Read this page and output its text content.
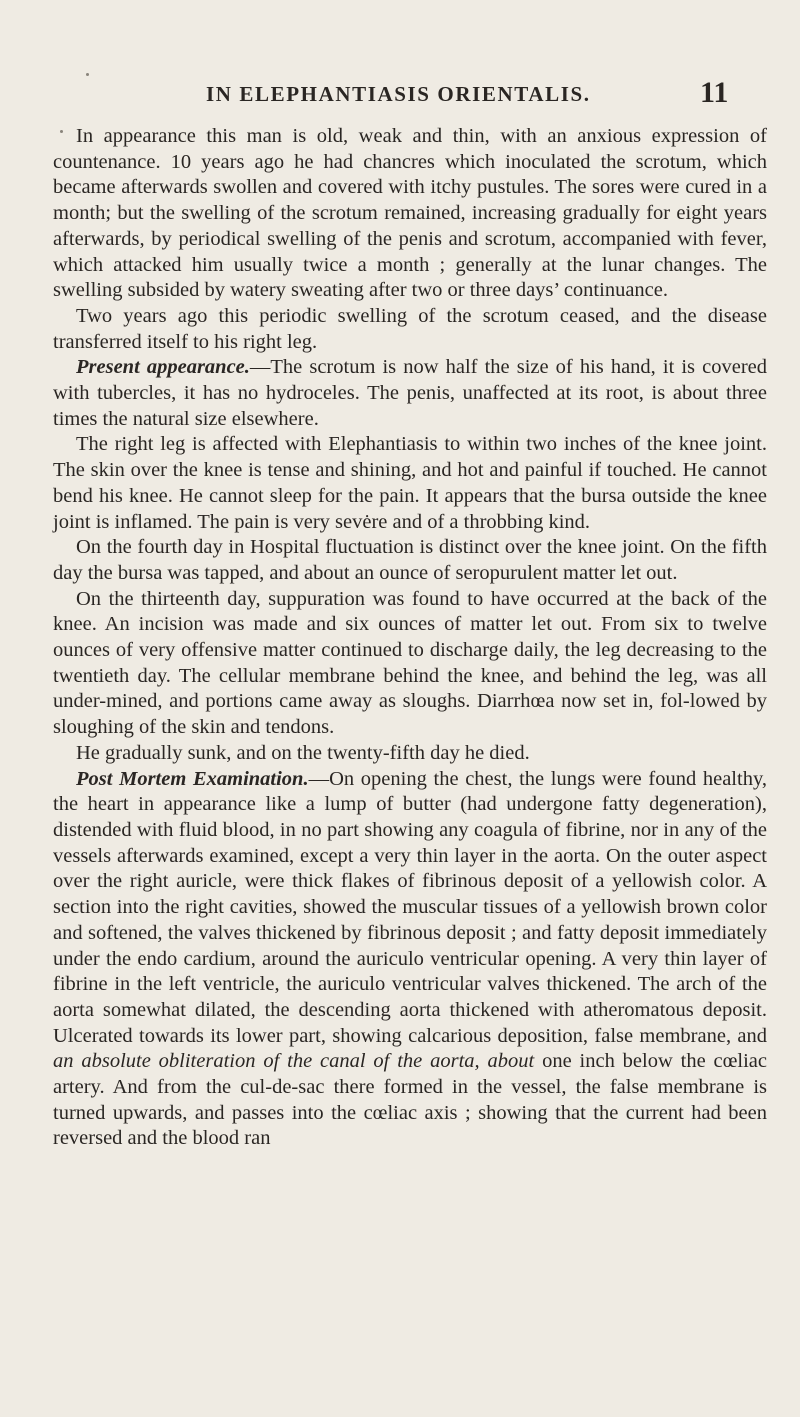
IN ELEPHANTIASIS ORIENTALIS.	11

In appearance this man is old, weak and thin, with an anxious expression of countenance. 10 years ago he had chancres which inoculated the scrotum, which became afterwards swollen and covered with itchy pustules. The sores were cured in a month; but the swelling of the scrotum remained, increasing gradually for eight years afterwards, by periodical swelling of the penis and scrotum, accompanied with fever, which attacked him usually twice a month ; generally at the lunar changes. The swelling subsided by watery sweating after two or three days’ continuance.

Two years ago this periodic swelling of the scrotum ceased, and the disease transferred itself to his right leg.

Present appearance.—The scrotum is now half the size of his hand, it is covered with tubercles, it has no hydroceles. The penis, unaffected at its root, is about three times the natural size elsewhere.

The right leg is affected with Elephantiasis to within two inches of the knee joint. The skin over the knee is tense and shining, and hot and painful if touched. He cannot bend his knee. He cannot sleep for the pain. It appears that the bursa outside the knee joint is inflamed. The pain is very sevėre and of a throbbing kind.

On the fourth day in Hospital fluctuation is distinct over the knee joint. On the fifth day the bursa was tapped, and about an ounce of seropurulent matter let out.

On the thirteenth day, suppuration was found to have occurred at the back of the knee. An incision was made and six ounces of matter let out. From six to twelve ounces of very offensive matter continued to discharge daily, the leg decreasing to the twentieth day. The cellular membrane behind the knee, and behind the leg, was all under-mined, and portions came away as sloughs. Diarrhœa now set in, fol-lowed by sloughing of the skin and tendons.

He gradually sunk, and on the twenty-fifth day he died.

Post Mortem Examination.—On opening the chest, the lungs were found healthy, the heart in appearance like a lump of butter (had undergone fatty degeneration), distended with fluid blood, in no part showing any coagula of fibrine, nor in any of the vessels afterwards examined, except a very thin layer in the aorta. On the outer aspect over the right auricle, were thick flakes of fibrinous deposit of a yellowish color. A section into the right cavities, showed the muscular tissues of a yellowish brown color and softened, the valves thickened by fibrinous deposit ; and fatty deposit immediately under the endo cardium, around the auriculo ventricular opening. A very thin layer of fibrine in the left ventricle, the auriculo ventricular valves thickened. The arch of the aorta somewhat dilated, the descending aorta thickened with atheromatous deposit. Ulcerated towards its lower part, showing calcarious deposition, false membrane, and an absolute obliteration of the canal of the aorta, about one inch below the cœliac artery. And from thе cul-de-sac there formed in the vessel, the false membrane is turned upwards, and passes into the cœliac axis ; showing that the current had been reversed and the blood ran
